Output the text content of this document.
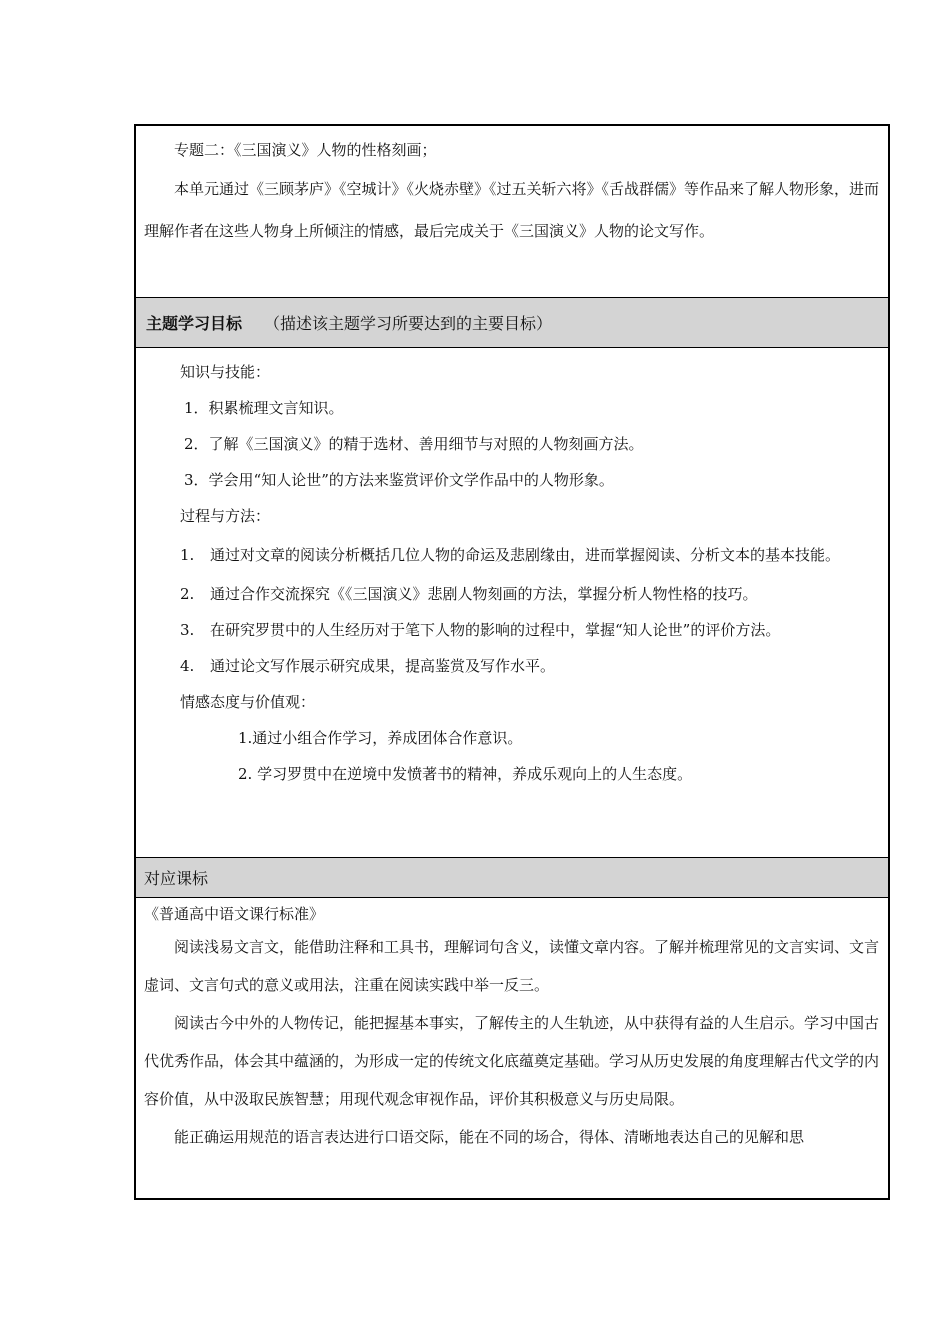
专题二：《三国演义》人物的性格刻画；

本单元通过《三顾茅庐》《空城计》《火烧赤壁》《过五关斩六将》《舌战群儒》等作品来了解人物形象，进而理解作者在这些人物身上所倾注的情感，最后完成关于《三国演义》人物的论文写作。

主题学习目标 （描述该主题学习所要达到的主要目标）

知识与技能：

1．积累梳理文言知识。

2．了解《三国演义》的精于选材、善用细节与对照的人物刻画方法。

3．学会用“知人论世”的方法来鉴赏评价文学作品中的人物形象。

过程与方法：

1.	通过对文章的阅读分析概括几位人物的命运及悲剧缘由，进而掌握阅读、分析文本的基本技能。

2.	通过合作交流探究《《三国演义》悲剧人物刻画的方法，掌握分析人物性格的技巧。

3.	在研究罗贯中的人生经历对于笔下人物的影响的过程中，掌握“知人论世”的评价方法。

4.	通过论文写作展示研究成果，提高鉴赏及写作水平。

情感态度与价值观：

1.通过小组合作学习，养成团体合作意识。

2. 学习罗贯中在逆境中发愤著书的精神，养成乐观向上的人生态度。

对应课标

《普通高中语文课行标准》

阅读浅易文言文，能借助注释和工具书，理解词句含义，读懂文章内容。了解并梳理常见的文言实词、文言虚词、文言句式的意义或用法，注重在阅读实践中举一反三。

阅读古今中外的人物传记，能把握基本事实，了解传主的人生轨迹，从中获得有益的人生启示。学习中国古代优秀作品，体会其中蕴涵的，为形成一定的传统文化底蕴奠定基础。学习从历史发展的角度理解古代文学的内容价值，从中汲取民族智慧；用现代观念审视作品，评价其积极意义与历史局限。

能正确运用规范的语言表达进行口语交际，能在不同的场合，得体、清晰地表达自己的见解和思
